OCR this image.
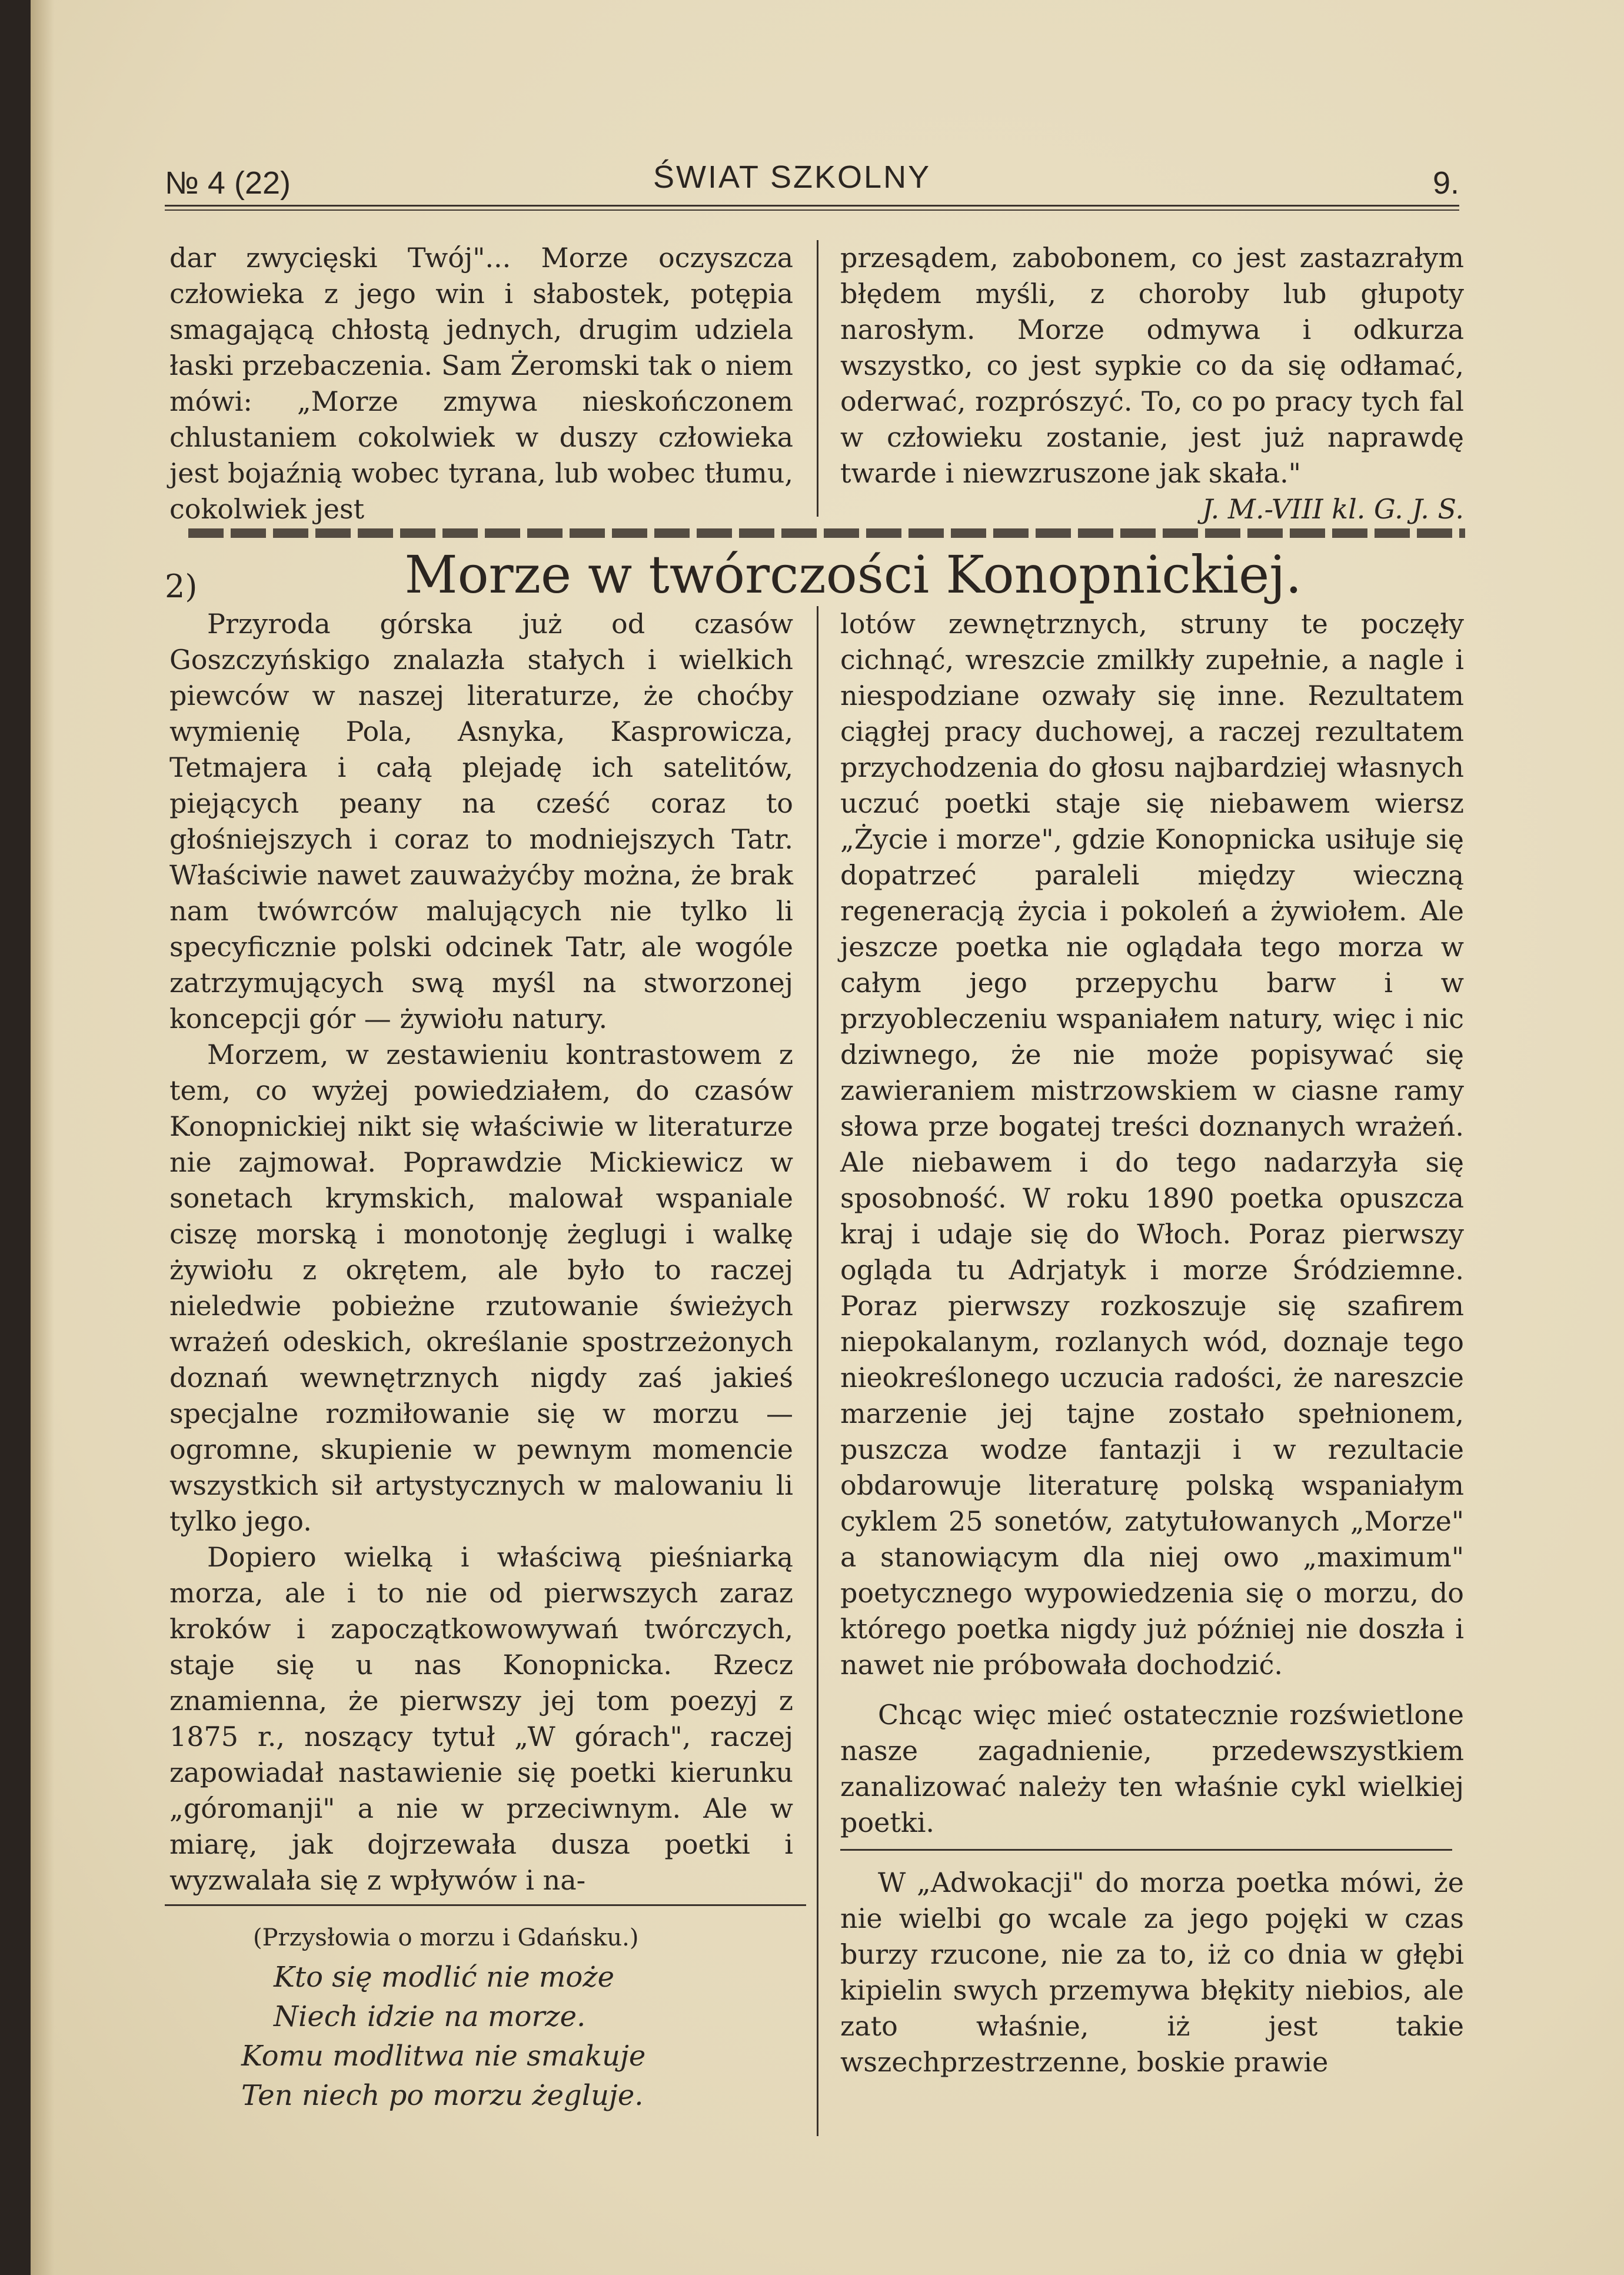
№ 4 (22)	ŚWIAT SZKOLNY	9.

dar zwycięski Twój"... Morze oczyszcza człowieka z jego win i słabostek, potępia smagającą chłostą jednych, drugim udziela łaski przebaczenia. Sam Żeromski tak o niem mówi: „Morze zmywa nieskończonem chlustaniem cokolwiek w duszy człowieka jest bojaźnią wobec tyrana, lub wobec tłumu, cokolwiek jest

przesądem, zabobonem, co jest zastazrałym błędem myśli, z choroby lub głupoty narosłym. Morze odmywa i odkurza wszystko, co jest sypkie co da się odłamać, oderwać, rozprószyć. To, co po pracy tych fal w człowieku zostanie, jest już naprawdę twarde i niewzruszone jak skała."

J. M.-VIII kl. G. J. S.

2)	Morze w twórczości Konopnickiej.

Przyroda górska już od czasów Goszczyńskigo znalazła stałych i wielkich piewców w naszej literaturze, że choćby wymienię Pola, Asnyka, Kasprowicza, Tetmajera i całą plejadę ich satelitów, piejących peany na cześć coraz to głośniejszych i coraz to modniejszych Tatr. Właściwie nawet zauważyćby można, że brak nam twówrców malujących nie tylko li specyficznie polski odcinek Tatr, ale wogóle zatrzymujących swą myśl na stworzonej koncepcji gór — żywiołu natury.

Morzem, w zestawieniu kontrastowem z tem, co wyżej powiedziałem, do czasów Konopnickiej nikt się właściwie w literaturze nie zajmował. Poprawdzie Mickiewicz w sonetach krymskich, malował wspaniale ciszę morską i monotonję żeglugi i walkę żywiołu z okrętem, ale było to raczej nieledwie pobieżne rzutowanie świeżych wrażeń odeskich, określanie spostrzeżonych doznań wewnętrznych nigdy zaś jakieś specjalne rozmiłowanie się w morzu — ogromne, skupienie w pewnym momencie wszystkich sił artystycznych w malowaniu li tylko jego.

Dopiero wielką i właściwą pieśniarką morza, ale i to nie od pierwszych zaraz kroków i zapoczątkowowywań twórczych, staje się u nas Konopnicka. Rzecz znamienna, że pierwszy jej tom poezyj z 1875 r., noszący tytuł „W górach", raczej zapowiadał nastawienie się poetki kierunku „góromanji" a nie w przeciwnym. Ale w miarę, jak dojrzewała dusza poetki i wyzwalała się z wpływów i na-

lotów zewnętrznych, struny te poczęły cichnąć, wreszcie zmilkły zupełnie, a nagle i niespodziane ozwały się inne. Rezultatem ciągłej pracy duchowej, a raczej rezultatem przychodzenia do głosu najbardziej własnych uczuć poetki staje się niebawem wiersz „Życie i morze", gdzie Konopnicka usiłuje się dopatrzeć paraleli między wieczną regeneracją życia i pokoleń a żywiołem. Ale jeszcze poetka nie oglądała tego morza w całym jego przepychu barw i w przyobleczeniu wspaniałem natury, więc i nic dziwnego, że nie może popisywać się zawieraniem mistrzowskiem w ciasne ramy słowa prze bogatej treści doznanych wrażeń. Ale niebawem i do tego nadarzyła się sposobność. W roku 1890 poetka opuszcza kraj i udaje się do Włoch. Poraz pierwszy ogląda tu Adrjatyk i morze Śródziemne. Poraz pierwszy rozkoszuje się szafirem niepokalanym, rozlanych wód, doznaje tego nieokreślonego uczucia radości, że nareszcie marzenie jej tajne zostało spełnionem, puszcza wodze fantazji i w rezultacie obdarowuje literaturę polską wspaniałym cyklem 25 sonetów, zatytułowanych „Morze" a stanowiącym dla niej owo „maximum" poetycznego wypowiedzenia się o morzu, do którego poetka nigdy już później nie doszła i nawet nie próbowała dochodzić.

Chcąc więc mieć ostatecznie rozświetlone nasze zagadnienie, przedewszystkiem zanalizować należy ten właśnie cykl wielkiej poetki.

W „Adwokacji" do morza poetka mówi, że nie wielbi go wcale za jego pojęki w czas burzy rzucone, nie za to, iż co dnia w głębi kipielin swych przemywa błękity niebios, ale zato właśnie, iż jest takie wszechprzestrzenne, boskie prawie

(Przysłowia o morzu i Gdańsku.)
Kto się modlić nie może
Niech idzie na morze.
Komu modlitwa nie smakuje
Ten niech po morzu żegluje.
